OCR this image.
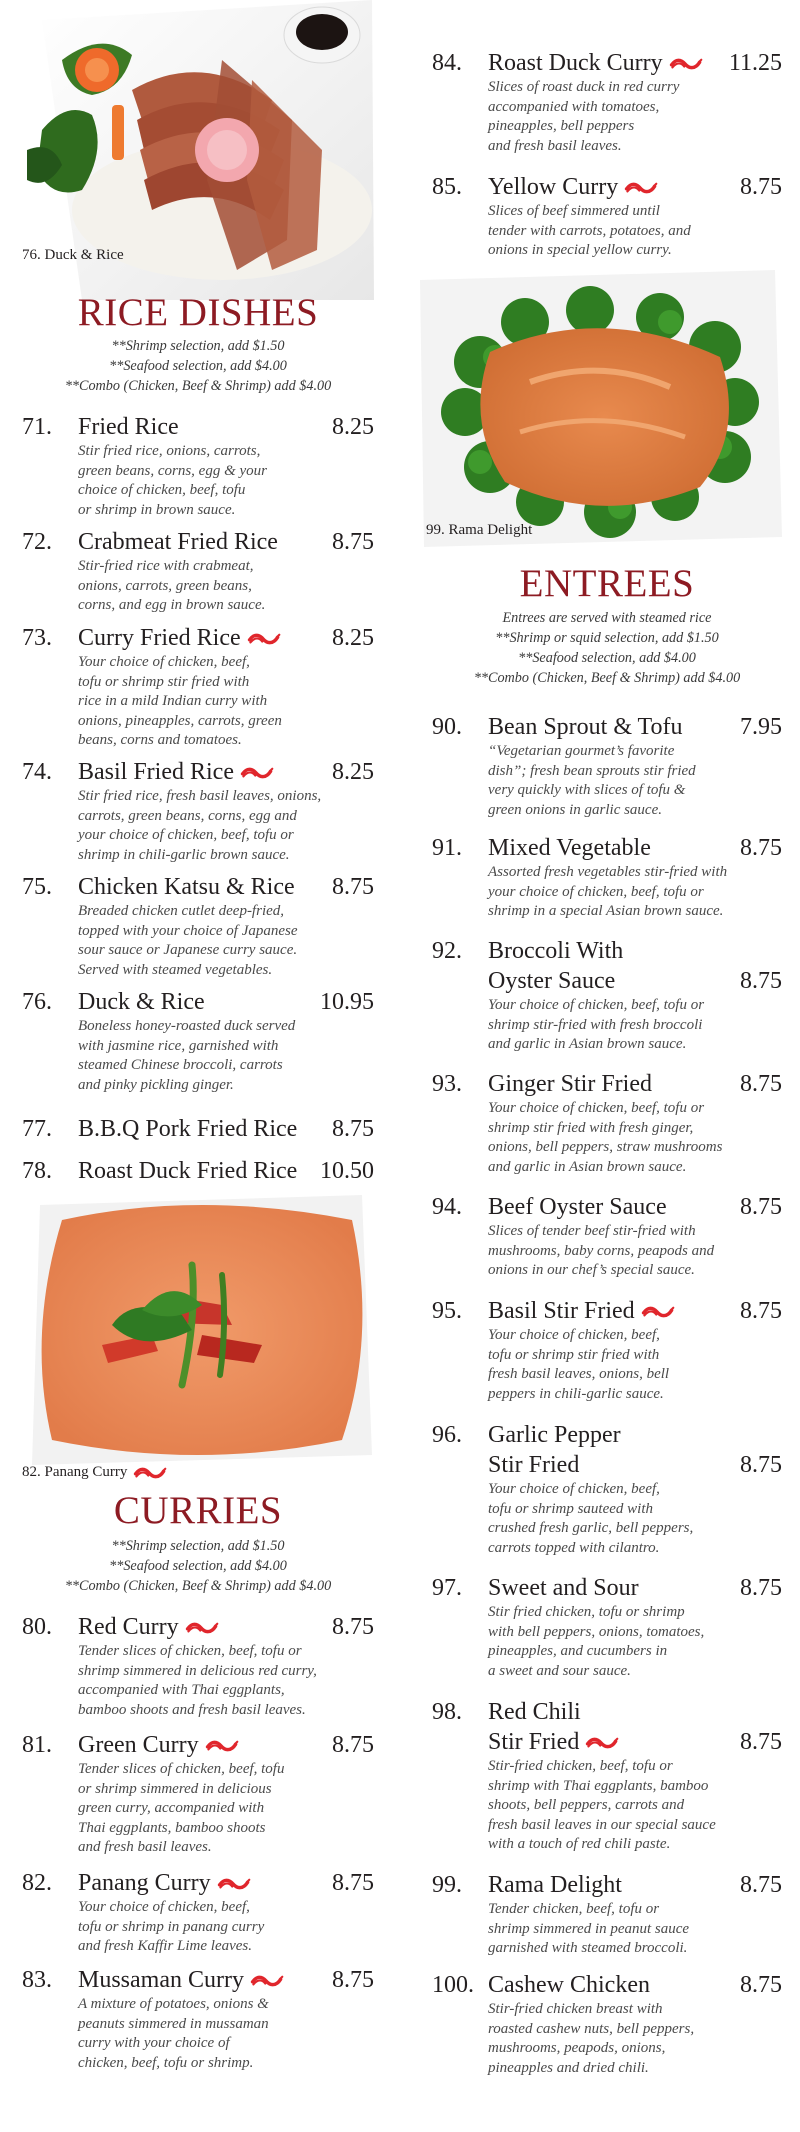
76. Duck & Rice
RICE DISHES
**Shrimp selection, add $1.50
**Seafood selection, add $4.00
**Combo (Chicken, Beef & Shrimp) add $4.00
71. Fried Rice	8.25
Stir fried rice, onions, carrots,
green beans, corns, egg & your
choice of chicken, beef, tofu
or shrimp in brown sauce.
72. Crabmeat Fried Rice 8.75
Stir-fried rice with crabmeat,
onions, carrots, green beans,
corns, and egg in brown sauce.
73. Curry Fried Rice	8.25
Your choice of chicken, beef,
tofu or shrimp stir fried with
rice in a mild Indian curry with
onions, pineapples, carrots, green
beans, corns and tomatoes.
74. Basil Fried Rice	8.25
Stir fried rice, fresh basil leaves, onions,
carrots, green beans, corns, egg and
your choice of chicken, beef, tofu or
shrimp in chili-garlic brown sauce.
75. Chicken Katsu & Rice 8.75
Breaded chicken cutlet deep-fried,
topped with your choice of Japanese
sour sauce or Japanese curry sauce.
Served with steamed vegetables.
76. Duck & Rice	10.95
Boneless honey-roasted duck served
with jasmine rice, garnished with
steamed Chinese broccoli, carrots
and pinky pickling ginger.
77. B.B.Q Pork Fried Rice 8.75
78. Roast Duck Fried Rice 10.50
82. Panang Curry
CURRIES
**Shrimp selection, add $1.50
**Seafood selection, add $4.00
**Combo (Chicken, Beef & Shrimp) add $4.00
80. Red Curry	8.75
Tender slices of chicken, beef, tofu or
shrimp simmered in delicious red curry,
accompanied with Thai eggplants,
bamboo shoots and fresh basil leaves.
81. Green Curry	8.75
Tender slices of chicken, beef, tofu
or shrimp simmered in delicious
green curry, accompanied with
Thai eggplants, bamboo shoots
and fresh basil leaves.
82. Panang Curry	8.75
Your choice of chicken, beef,
tofu or shrimp in panang curry
and fresh Kaffir Lime leaves.
83. Mussaman Curry	8.75
A mixture of potatoes, onions &
peanuts simmered in mussaman
curry with your choice of
chicken, beef, tofu or shrimp.
84. Roast Duck Curry	11.25
Slices of roast duck in red curry
accompanied with tomatoes,
pineapples, bell peppers
and fresh basil leaves.
85. Yellow Curry	8.75
Slices of beef simmered until
tender with carrots, potatoes, and
onions in special yellow curry.
99. Rama Delight
ENTREES
Entrees are served with steamed rice
**Shrimp or squid selection, add $1.50
**Seafood selection, add $4.00
**Combo (Chicken, Beef & Shrimp) add $4.00
90. Bean Sprout & Tofu 7.95
“Vegetarian gourmet’s favorite
dish”; fresh bean sprouts stir fried
very quickly with slices of tofu &
green onions in garlic sauce.
91. Mixed Vegetable	8.75
Assorted fresh vegetables stir-fried with
your choice of chicken, beef, tofu or
shrimp in a special Asian brown sauce.
92. Broccoli With
Oyster Sauce	8.75
Your choice of chicken, beef, tofu or
shrimp stir-fried with fresh broccoli
and garlic in Asian brown sauce.
93. Ginger Stir Fried	8.75
Your choice of chicken, beef, tofu or
shrimp stir fried with fresh ginger,
onions, bell peppers, straw mushrooms
and garlic in Asian brown sauce.
94. Beef Oyster Sauce	8.75
Slices of tender beef stir-fried with
mushrooms, baby corns, peapods and
onions in our chef’s special sauce.
95. Basil Stir Fried	8.75
Your choice of chicken, beef,
tofu or shrimp stir fried with
fresh basil leaves, onions, bell
peppers in chili-garlic sauce.
96. Garlic Pepper
Stir Fried	8.75
Your choice of chicken, beef,
tofu or shrimp sauteed with
crushed fresh garlic, bell peppers,
carrots topped with cilantro.
97. Sweet and Sour	8.75
Stir fried chicken, tofu or shrimp
with bell peppers, onions, tomatoes,
pineapples, and cucumbers in
a sweet and sour sauce.
98. Red Chili
Stir Fried	8.75
Stir-fried chicken, beef, tofu or
shrimp with Thai eggplants, bamboo
shoots, bell peppers, carrots and
fresh basil leaves in our special sauce
with a touch of red chili paste.
99. Rama Delight	8.75
Tender chicken, beef, tofu or
shrimp simmered in peanut sauce
garnished with steamed broccoli.
100. Cashew Chicken	8.75
Stir-fried chicken breast with
roasted cashew nuts, bell peppers,
mushrooms, peapods, onions,
pineapples and dried chili.
